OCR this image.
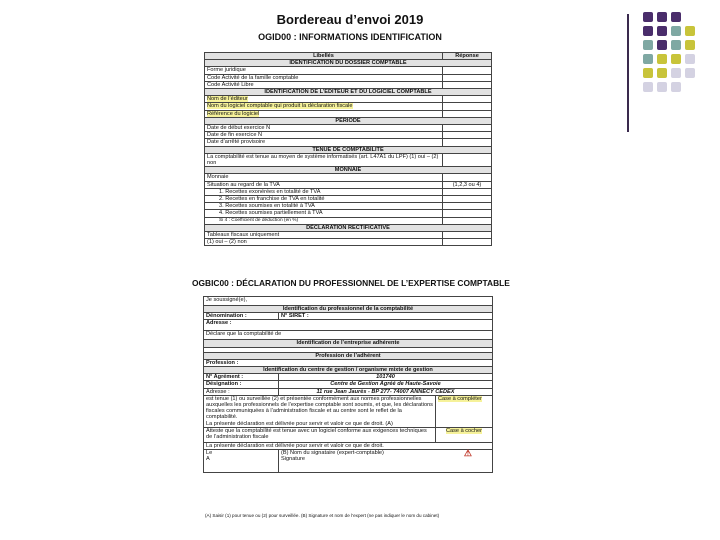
Bordereau d’envoi 2019
OGID00 : INFORMATIONS IDENTIFICATION
Libellés	Réponse
IDENTIFICATION DU DOSSIER COMPTABLE	
Forme juridique	
Code Activité de la famille comptable	
Code Activité Libre	
IDENTIFICATION DE L’EDITEUR ET DU LOGICIEL COMPTABLE	
Nom de l’éditeur	
Nom du logiciel comptable qui produit la déclaration fiscale	
Référence du logiciel	
PÉRIODE	
Date de début exercice N	
Date de fin exercice N	
Date d’arrêté provisoire	
TENUE DE COMPTABILITE	
La comptabilité est tenue au moyen de système informatisés (art. L47A1 du LPF) (1) oui – (2) non	
MONNAIE	
Monnaie	
Situation au regard de la TVA	(1,2,3 ou 4)
1. Recettes exonérées en totalité de TVA	
2. Recettes en franchise de TVA en totalité	
3. Recettes soumises en totalité à TVA	
4. Recettes soumises partiellement à TVA	
Si 4 : Coefficient de déduction (en %)	
DÉCLARATION RECTIFICATIVE	
Tableaux fiscaux uniquement	
(1) oui – (2) non	
OGBIC00 : DÉCLARATION DU PROFESSIONNEL DE L’EXPERTISE COMPTABLE
Je soussigné(e),		
Identification du professionnel de la comptabilité		
Dénomination :	N° SIRET :	
Adresse :		
Déclare que la comptabilité de		
Identification de l’entreprise adhérente		

Profession de l’adhérent		
Profession :		
Identification du centre de gestion / organisme mixte de gestion		
N° Agrément :	101740	
Désignation :	Centre de Gestion Agréé de Haute-Savoie	
Adresse :	11 rue Jean Jaurès - BP 277- 74007 ANNECY CEDEX	

est tenue (1) ou surveillée (2) et présentée conformément aux normes professionnelles auxquelles les professionnels de l’expertise comptable sont soumis, et que, les déclarations fiscales communiquées à l’administration fiscale et au centre sont le reflet de la comptabilité.
La présente déclaration est délivrée pour servir et valoir ce que de droit. (A)		Case à compléter
Atteste que la comptabilité est tenue avec un logiciel conforme aux exigences techniques de l’administration fiscale		Case à cocher
La présente déclaration est délivrée pour servir et valoir ce que de droit.		

Le
A	(B) Nom du signataire (expert-comptable) ⚠
Signature	
(A) Saisir (1) pour tenue ou (2) pour surveillée. (B) Signature et nom de l’expert (ne pas indiquer le nom du cabinet)
